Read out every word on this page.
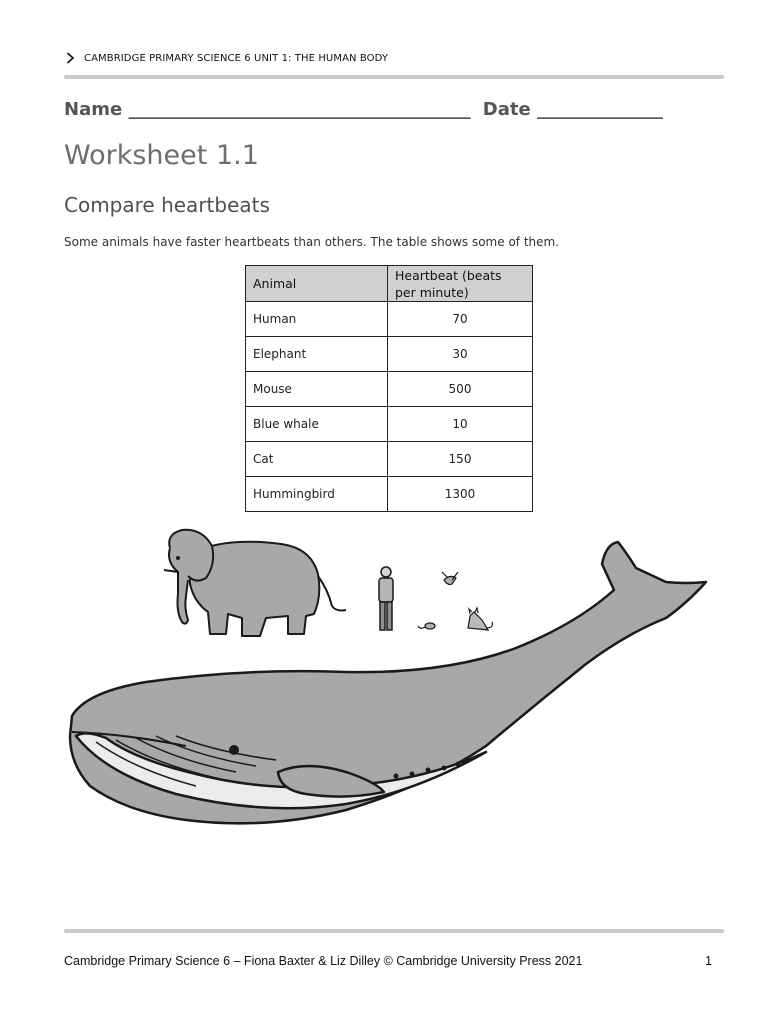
CAMBRIDGE PRIMARY SCIENCE 6 UNIT 1: THE HUMAN BODY
Name ______________________________________ Date ______________
Worksheet 1.1
Compare heartbeats
Some animals have faster heartbeats than others. The table shows some of them.
Animal	Heartbeat (beats per minute)
Human	70
Elephant	30
Mouse	500
Blue whale	10
Cat	150
Hummingbird	1300
Cambridge Primary Science 6 – Fiona Baxter & Liz Dilley © Cambridge University Press 2021	1
